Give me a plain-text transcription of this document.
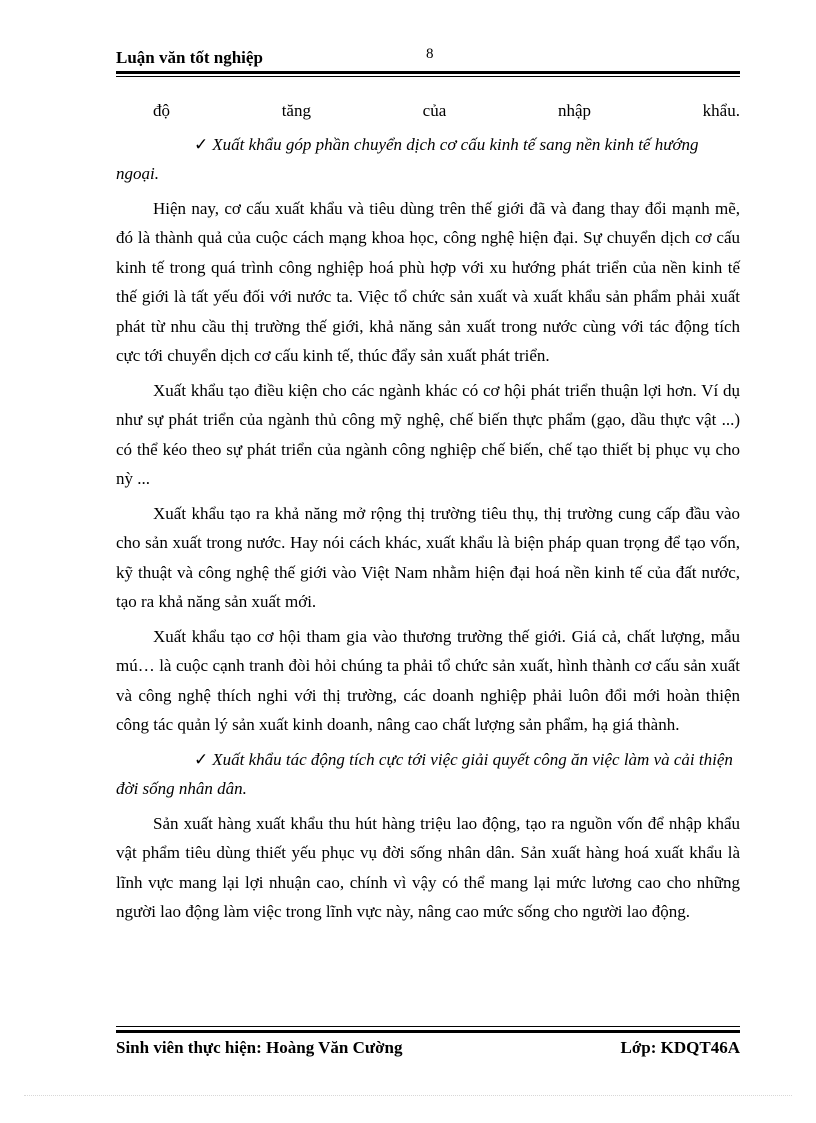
Luận văn tốt nghiệp	8
độ	tăng	của	nhập	khẩu.

✓ Xuất khẩu góp phần chuyển dịch cơ cấu kinh tế sang nền kinh tế hướng ngoại.

Hiện nay, cơ cấu xuất khẩu và tiêu dùng trên thế giới đã và đang thay đổi mạnh mẽ, đó là thành quả của cuộc cách mạng khoa học, công nghệ hiện đại. Sự chuyển dịch cơ cấu kinh tế trong quá trình công nghiệp hoá phù hợp với xu hướng phát triển của nền kinh tế thế giới là tất yếu đối với nước ta. Việc tổ chức sản xuất và xuất khẩu sản phẩm phải xuất phát từ nhu cầu thị trường thế giới, khả năng sản xuất trong nước cùng với tác động tích cực tới chuyển dịch cơ cấu kinh tế, thúc đẩy sản xuất phát triển.

Xuất khẩu tạo điều kiện cho các ngành khác có cơ hội phát triển thuận lợi hơn. Ví dụ như sự phát triển của ngành thủ công mỹ nghệ, chế biến thực phẩm (gạo, dầu thực vật ...) có thể kéo theo sự phát triển của ngành công nghiệp chế biến, chế tạo thiết bị phục vụ cho nỳ ...

Xuất khẩu tạo ra khả năng mở rộng thị trường tiêu thụ, thị trường cung cấp đầu vào cho sản xuất trong nước. Hay nói cách khác, xuất khẩu là biện pháp quan trọng để tạo vốn, kỹ thuật và công nghệ thế giới vào Việt Nam nhằm hiện đại hoá nền kinh tế của đất nước, tạo ra khả năng sản xuất mới.

Xuất khẩu tạo cơ hội tham gia vào thương trường thế giới. Giá cả, chất lượng, mẫu mú… là cuộc cạnh tranh đòi hỏi chúng ta phải tổ chức sản xuất, hình thành cơ cấu sản xuất và công nghệ thích nghi với thị trường, các doanh nghiệp phải luôn đổi mới hoàn thiện công tác quản lý sản xuất kinh doanh, nâng cao chất lượng sản phẩm, hạ giá thành.

✓ Xuất khẩu tác động tích cực tới việc giải quyết công ăn việc làm và cải thiện đời sống nhân dân.

Sản xuất hàng xuất khẩu thu hút hàng triệu lao động, tạo ra nguồn vốn để nhập khẩu vật phẩm tiêu dùng thiết yếu phục vụ đời sống nhân dân. Sản xuất hàng hoá xuất khẩu là lĩnh vực mang lại lợi nhuận cao, chính vì vậy có thể mang lại mức lương cao cho những người lao động làm việc trong lĩnh vực này, nâng cao mức sống cho người lao động.

Sinh viên thực hiện: Hoàng Văn Cường	Lớp: KDQT46A
